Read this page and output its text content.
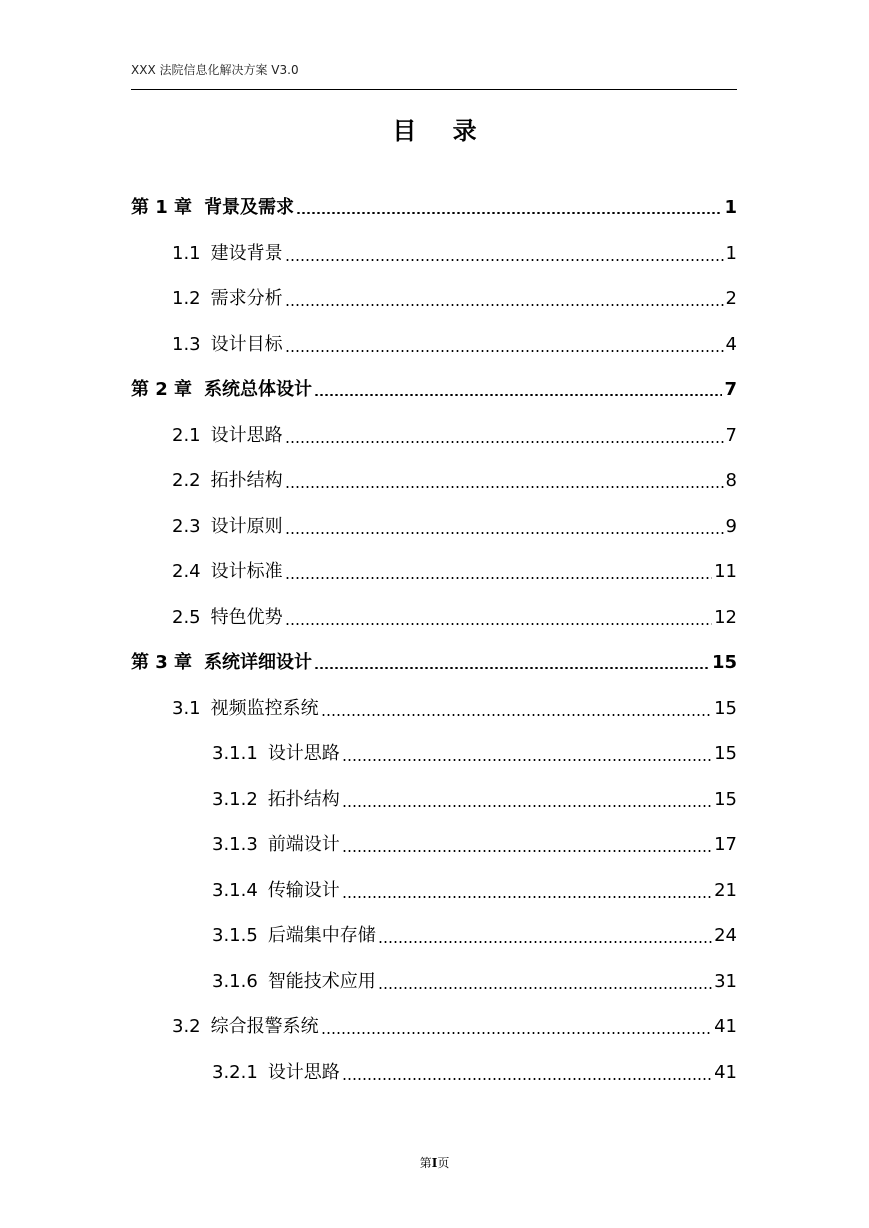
XXX 法院信息化解决方案 V3.0
目 录
第 1 章 背景及需求	1
1.1 建设背景	1
1.2 需求分析	2
1.3 设计目标	4
第 2 章 系统总体设计	7
2.1 设计思路	7
2.2 拓扑结构	8
2.3 设计原则	9
2.4 设计标准	11
2.5 特色优势	12
第 3 章 系统详细设计	15
3.1 视频监控系统	15
3.1.1 设计思路	15
3.1.2 拓扑结构	15
3.1.3 前端设计	17
3.1.4 传输设计	21
3.1.5 后端集中存储	24
3.1.6 智能技术应用	31
3.2 综合报警系统	41
3.2.1 设计思路	41
第I页
